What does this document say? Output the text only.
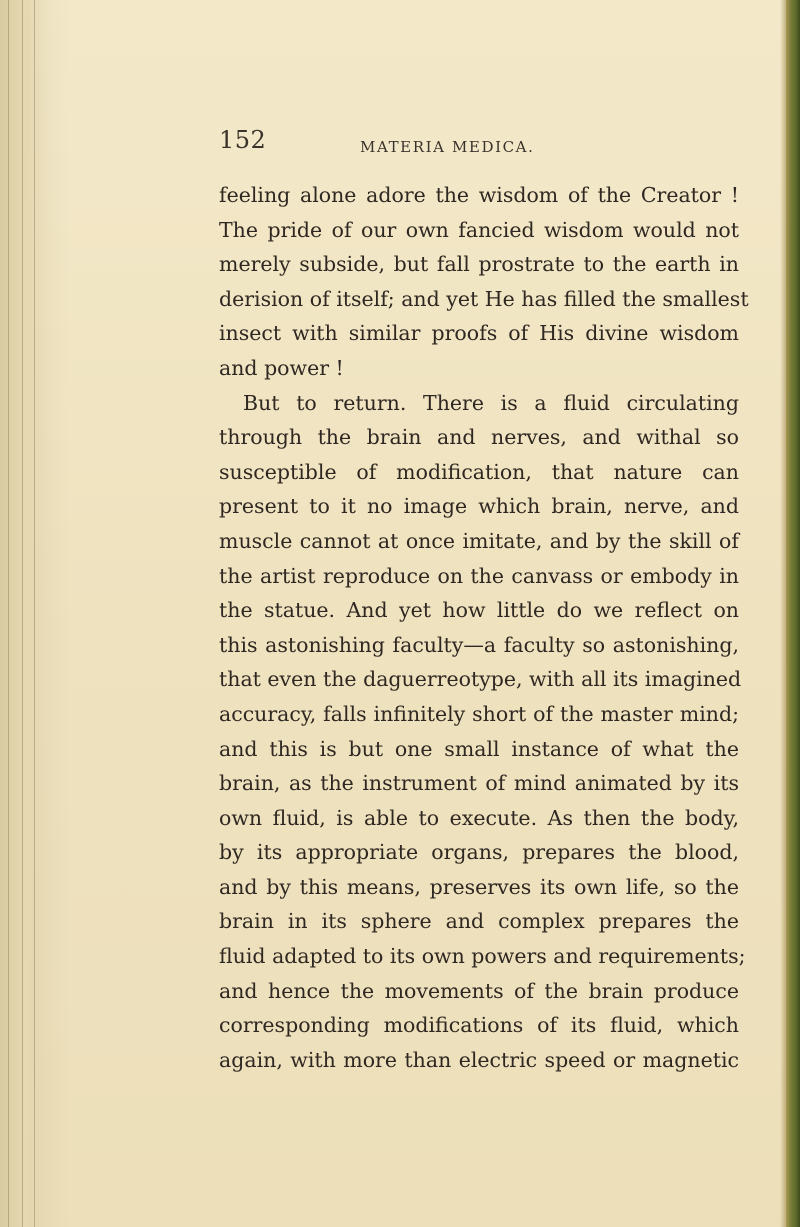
152	MATERIA MEDICA.
feeling alone adore the wisdom of the Creator !
The pride of our own fancied wisdom would not
merely subside, but fall prostrate to the earth in
derision of itself; and yet He has filled the smallest
insect with similar proofs of His divine wisdom
and power !
But to return. There is a fluid circulating
through the brain and nerves, and withal so
susceptible of modification, that nature can
present to it no image which brain, nerve, and
muscle cannot at once imitate, and by the skill of
the artist reproduce on the canvass or embody in
the statue. And yet how little do we reflect on
this astonishing faculty—a faculty so astonishing,
that even the daguerreotype, with all its imagined
accuracy, falls infinitely short of the master mind;
and this is but one small instance of what the
brain, as the instrument of mind animated by its
own fluid, is able to execute. As then the body,
by its appropriate organs, prepares the blood,
and by this means, preserves its own life, so the
brain in its sphere and complex prepares the
fluid adapted to its own powers and requirements;
and hence the movements of the brain produce
corresponding modifications of its fluid, which
again, with more than electric speed or magnetic
